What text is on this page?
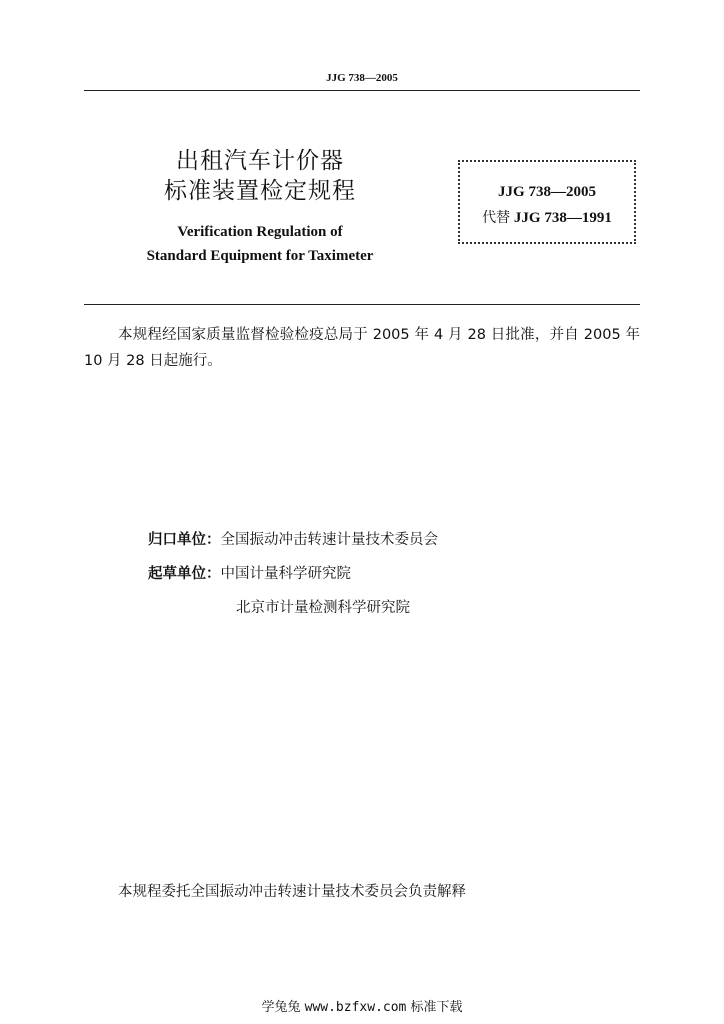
JJG 738—2005
出租汽车计价器
标准装置检定规程
Verification Regulation of
Standard Equipment for Taximeter
JJG 738—2005
代替 JJG 738—1991
本规程经国家质量监督检验检疫总局于 2005 年 4 月 28 日批准，并自 2005 年 10 月 28 日起施行。
归口单位：全国振动冲击转速计量技术委员会
起草单位：中国计量科学研究院
北京市计量检测科学研究院
本规程委托全国振动冲击转速计量技术委员会负责解释
学兔兔 www.bzfxw.com 标准下载
